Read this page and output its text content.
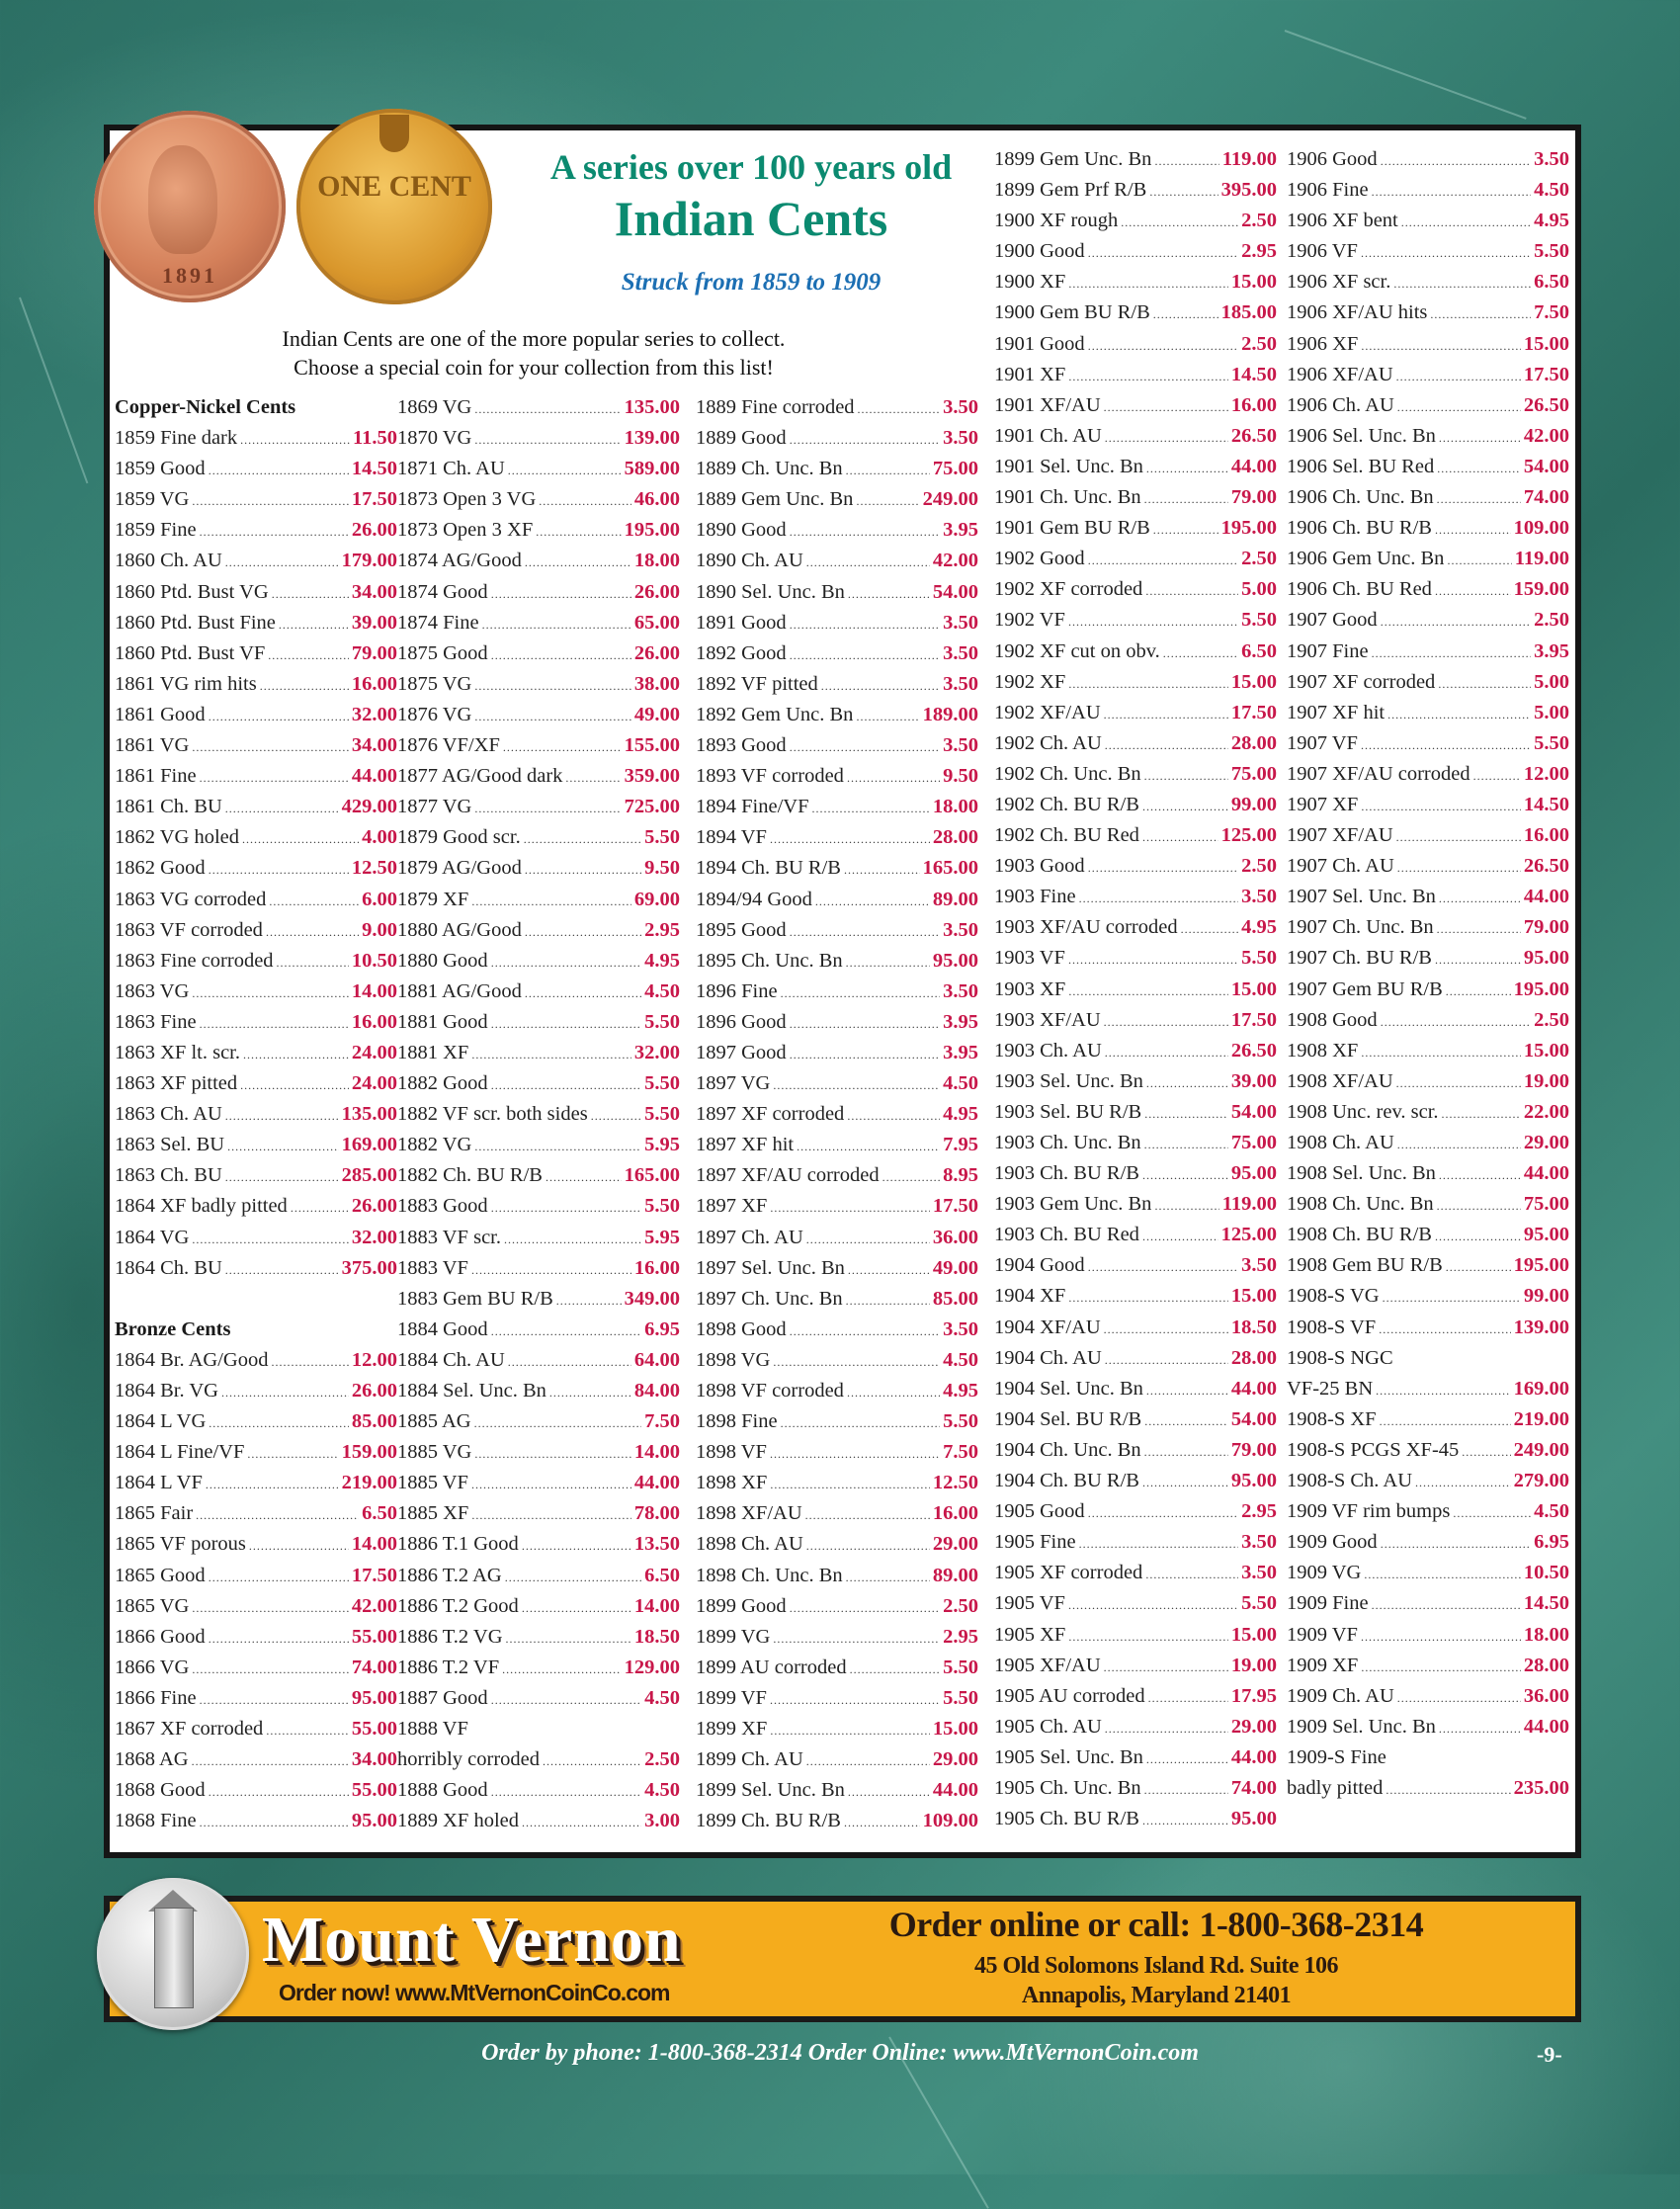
1891
ONE CENT	A series over 100 years old
Indian Cents
Struck from 1859 to 1909
Indian Cents are one of the more popular series to collect.
Choose a special coin for your collection from this list!
Copper-Nickel Cents
1859 Fine dark .....	11.50
1859 Good .....	14.50
1859 VG .....	17.50
1859 Fine .....	26.00
1860 Ch. AU .....	179.00
1860 Ptd. Bust VG .....	34.00
1860 Ptd. Bust Fine .....	39.00
1860 Ptd. Bust VF .....	79.00
1861 VG rim hits .....	16.00
1861 Good .....	32.00
1861 VG .....	34.00
1861 Fine .....	44.00
1861 Ch. BU .....	429.00
1862 VG holed .....	4.00
1862 Good .....	12.50
1863 VG corroded .....	6.00
1863 VF corroded .....	9.00
1863 Fine corroded .....	10.50
1863 VG .....	14.00
1863 Fine .....	16.00
1863 XF lt. scr. .....	24.00
1863 XF pitted .....	24.00
1863 Ch. AU .....	135.00
1863 Sel. BU .....	169.00
1863 Ch. BU .....	285.00
1864 XF badly pitted .....	26.00
1864 VG .....	32.00
1864 Ch. BU .....	375.00
Bronze Cents
1864 Br. AG/Good .....	12.00
1864 Br. VG .....	26.00
1864 L VG .....	85.00
1864 L Fine/VF .....	159.00
1864 L VF .....	219.00
1865 Fair .....	6.50
1865 VF porous .....	14.00
1865 Good .....	17.50
1865 VG .....	42.00
1866 Good .....	55.00
1866 VG .....	74.00
1866 Fine .....	95.00
1867 XF corroded .....	55.00
1868 AG .....	34.00
1868 Good .....	55.00
1868 Fine .....	95.00
1869 VG .....	135.00
1870 VG .....	139.00
1871 Ch. AU .....	589.00
1873 Open 3 VG .....	46.00
1873 Open 3 XF .....	195.00
1874 AG/Good .....	18.00
1874 Good .....	26.00
1874 Fine .....	65.00
1875 Good .....	26.00
1875 VG .....	38.00
1876 VG .....	49.00
1876 VF/XF .....	155.00
1877 AG/Good dark .....	359.00
1877 VG .....	725.00
1879 Good scr. .....	5.50
1879 AG/Good .....	9.50
1879 XF .....	69.00
1880 AG/Good .....	2.95
1880 Good .....	4.95
1881 AG/Good .....	4.50
1881 Good .....	5.50
1881 XF .....	32.00
1882 Good .....	5.50
1882 VF scr. both sides .....	5.50
1882 VG .....	5.95
1882 Ch. BU R/B .....	165.00
1883 Good .....	5.50
1883 VF scr. .....	5.95
1883 VF .....	16.00
1883 Gem BU R/B .....	349.00
1884 Good .....	6.95
1884 Ch. AU .....	64.00
1884 Sel. Unc. Bn .....	84.00
1885 AG .....	7.50
1885 VG .....	14.00
1885 VF .....	44.00
1885 XF .....	78.00
1886 T.1 Good .....	13.50
1886 T.2 AG .....	6.50
1886 T.2 Good .....	14.00
1886 T.2 VG .....	18.50
1886 T.2 VF .....	129.00
1887 Good .....	4.50
1888 VF
horribly corroded .....	2.50
1888 Good .....	4.50
1889 XF holed .....	3.00
1889 Fine corroded .....	3.50
1889 Good .....	3.50
1889 Ch. Unc. Bn .....	75.00
1889 Gem Unc. Bn .....	249.00
1890 Good .....	3.95
1890 Ch. AU .....	42.00
1890 Sel. Unc. Bn .....	54.00
1891 Good .....	3.50
1892 Good .....	3.50
1892 VF pitted .....	3.50
1892 Gem Unc. Bn .....	189.00
1893 Good .....	3.50
1893 VF corroded .....	9.50
1894 Fine/VF .....	18.00
1894 VF .....	28.00
1894 Ch. BU R/B .....	165.00
1894/94 Good .....	89.00
1895 Good .....	3.50
1895 Ch. Unc. Bn .....	95.00
1896 Fine .....	3.50
1896 Good .....	3.95
1897 Good .....	3.95
1897 VG .....	4.50
1897 XF corroded .....	4.95
1897 XF hit .....	7.95
1897 XF/AU corroded .....	8.95
1897 XF .....	17.50
1897 Ch. AU .....	36.00
1897 Sel. Unc. Bn .....	49.00
1897 Ch. Unc. Bn .....	85.00
1898 Good .....	3.50
1898 VG .....	4.50
1898 VF corroded .....	4.95
1898 Fine .....	5.50
1898 VF .....	7.50
1898 XF .....	12.50
1898 XF/AU .....	16.00
1898 Ch. AU .....	29.00
1898 Ch. Unc. Bn .....	89.00
1899 Good .....	2.50
1899 VG .....	2.95
1899 AU corroded .....	5.50
1899 VF .....	5.50
1899 XF .....	15.00
1899 Ch. AU .....	29.00
1899 Sel. Unc. Bn .....	44.00
1899 Ch. BU R/B .....	109.00
1899 Gem Unc. Bn .....	119.00
1899 Gem Prf R/B .....	395.00
1900 XF rough .....	2.50
1900 Good .....	2.95
1900 XF .....	15.00
1900 Gem BU R/B .....	185.00
1901 Good .....	2.50
1901 XF .....	14.50
1901 XF/AU .....	16.00
1901 Ch. AU .....	26.50
1901 Sel. Unc. Bn .....	44.00
1901 Ch. Unc. Bn .....	79.00
1901 Gem BU R/B .....	195.00
1902 Good .....	2.50
1902 XF corroded .....	5.00
1902 VF .....	5.50
1902 XF cut on obv. .....	6.50
1902 XF .....	15.00
1902 XF/AU .....	17.50
1902 Ch. AU .....	28.00
1902 Ch. Unc. Bn .....	75.00
1902 Ch. BU R/B .....	99.00
1902 Ch. BU Red .....	125.00
1903 Good .....	2.50
1903 Fine .....	3.50
1903 XF/AU corroded .....	4.95
1903 VF .....	5.50
1903 XF .....	15.00
1903 XF/AU .....	17.50
1903 Ch. AU .....	26.50
1903 Sel. Unc. Bn .....	39.00
1903 Sel. BU R/B .....	54.00
1903 Ch. Unc. Bn .....	75.00
1903 Ch. BU R/B .....	95.00
1903 Gem Unc. Bn .....	119.00
1903 Ch. BU Red .....	125.00
1904 Good .....	3.50
1904 XF .....	15.00
1904 XF/AU .....	18.50
1904 Ch. AU .....	28.00
1904 Sel. Unc. Bn .....	44.00
1904 Sel. BU R/B .....	54.00
1904 Ch. Unc. Bn .....	79.00
1904 Ch. BU R/B .....	95.00
1905 Good .....	2.95
1905 Fine .....	3.50
1905 XF corroded .....	3.50
1905 VF .....	5.50
1905 XF .....	15.00
1905 XF/AU .....	19.00
1905 AU corroded .....	17.95
1905 Ch. AU .....	29.00
1905 Sel. Unc. Bn .....	44.00
1905 Ch. Unc. Bn .....	74.00
1905 Ch. BU R/B .....	95.00
1906 Good .....	3.50
1906 Fine .....	4.50
1906 XF bent .....	4.95
1906 VF .....	5.50
1906 XF scr. .....	6.50
1906 XF/AU hits .....	7.50
1906 XF .....	15.00
1906 XF/AU .....	17.50
1906 Ch. AU .....	26.50
1906 Sel. Unc. Bn .....	42.00
1906 Sel. BU Red .....	54.00
1906 Ch. Unc. Bn .....	74.00
1906 Ch. BU R/B .....	109.00
1906 Gem Unc. Bn .....	119.00
1906 Ch. BU Red .....	159.00
1907 Good .....	2.50
1907 Fine .....	3.95
1907 XF corroded .....	5.00
1907 XF hit .....	5.00
1907 VF .....	5.50
1907 XF/AU corroded .....	12.00
1907 XF .....	14.50
1907 XF/AU .....	16.00
1907 Ch. AU .....	26.50
1907 Sel. Unc. Bn .....	44.00
1907 Ch. Unc. Bn .....	79.00
1907 Ch. BU R/B .....	95.00
1907 Gem BU R/B .....	195.00
1908 Good .....	2.50
1908 XF .....	15.00
1908 XF/AU .....	19.00
1908 Unc. rev. scr. .....	22.00
1908 Ch. AU .....	29.00
1908 Sel. Unc. Bn .....	44.00
1908 Ch. Unc. Bn .....	75.00
1908 Ch. BU R/B .....	95.00
1908 Gem BU R/B .....	195.00
1908-S VG .....	99.00
1908-S VF .....	139.00
1908-S NGC
VF-25 BN .....	169.00
1908-S XF .....	219.00
1908-S PCGS XF-45 .....	249.00
1908-S Ch. AU .....	279.00
1909 VF rim bumps .....	4.50
1909 Good .....	6.95
1909 VG .....	10.50
1909 Fine .....	14.50
1909 VF .....	18.00
1909 XF .....	28.00
1909 Ch. AU .....	36.00
1909 Sel. Unc. Bn .....	44.00
1909-S Fine
badly pitted .....	235.00
Mount Vernon
Order now! www.MtVernonCoinCo.com
Order online or call: 1-800-368-2314
45 Old Solomons Island Rd. Suite 106
Annapolis, Maryland 21401
Order by phone: 1-800-368-2314 Order Online: www.MtVernonCoin.com	-9-
